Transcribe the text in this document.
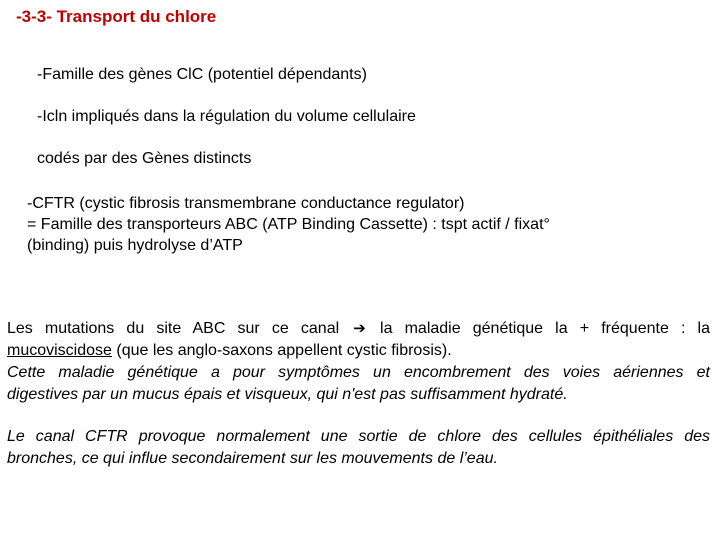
-3-3- Transport du chlore

-Famille des gènes ClC (potentiel dépendants)

-Icln impliqués dans la régulation du volume cellulaire

codés par des Gènes distincts

-CFTR (cystic fibrosis transmembrane conductance regulator)

= Famille des transporteurs ABC (ATP Binding Cassette) : tspt actif / fixat°

(binding) puis hydrolyse d’ATP

Les mutations du site ABC sur ce canal ➔ la maladie génétique la + fréquente : la
mucoviscidose (que les anglo-saxons appellent cystic fibrosis).
Cette maladie génétique a pour symptômes un encombrement des voies aériennes et
digestives par un mucus épais et visqueux, qui n'est pas suffisamment hydraté.
Le canal CFTR provoque normalement une sortie de chlore des cellules épithéliales des
bronches, ce qui influe secondairement sur les mouvements de l’eau.
